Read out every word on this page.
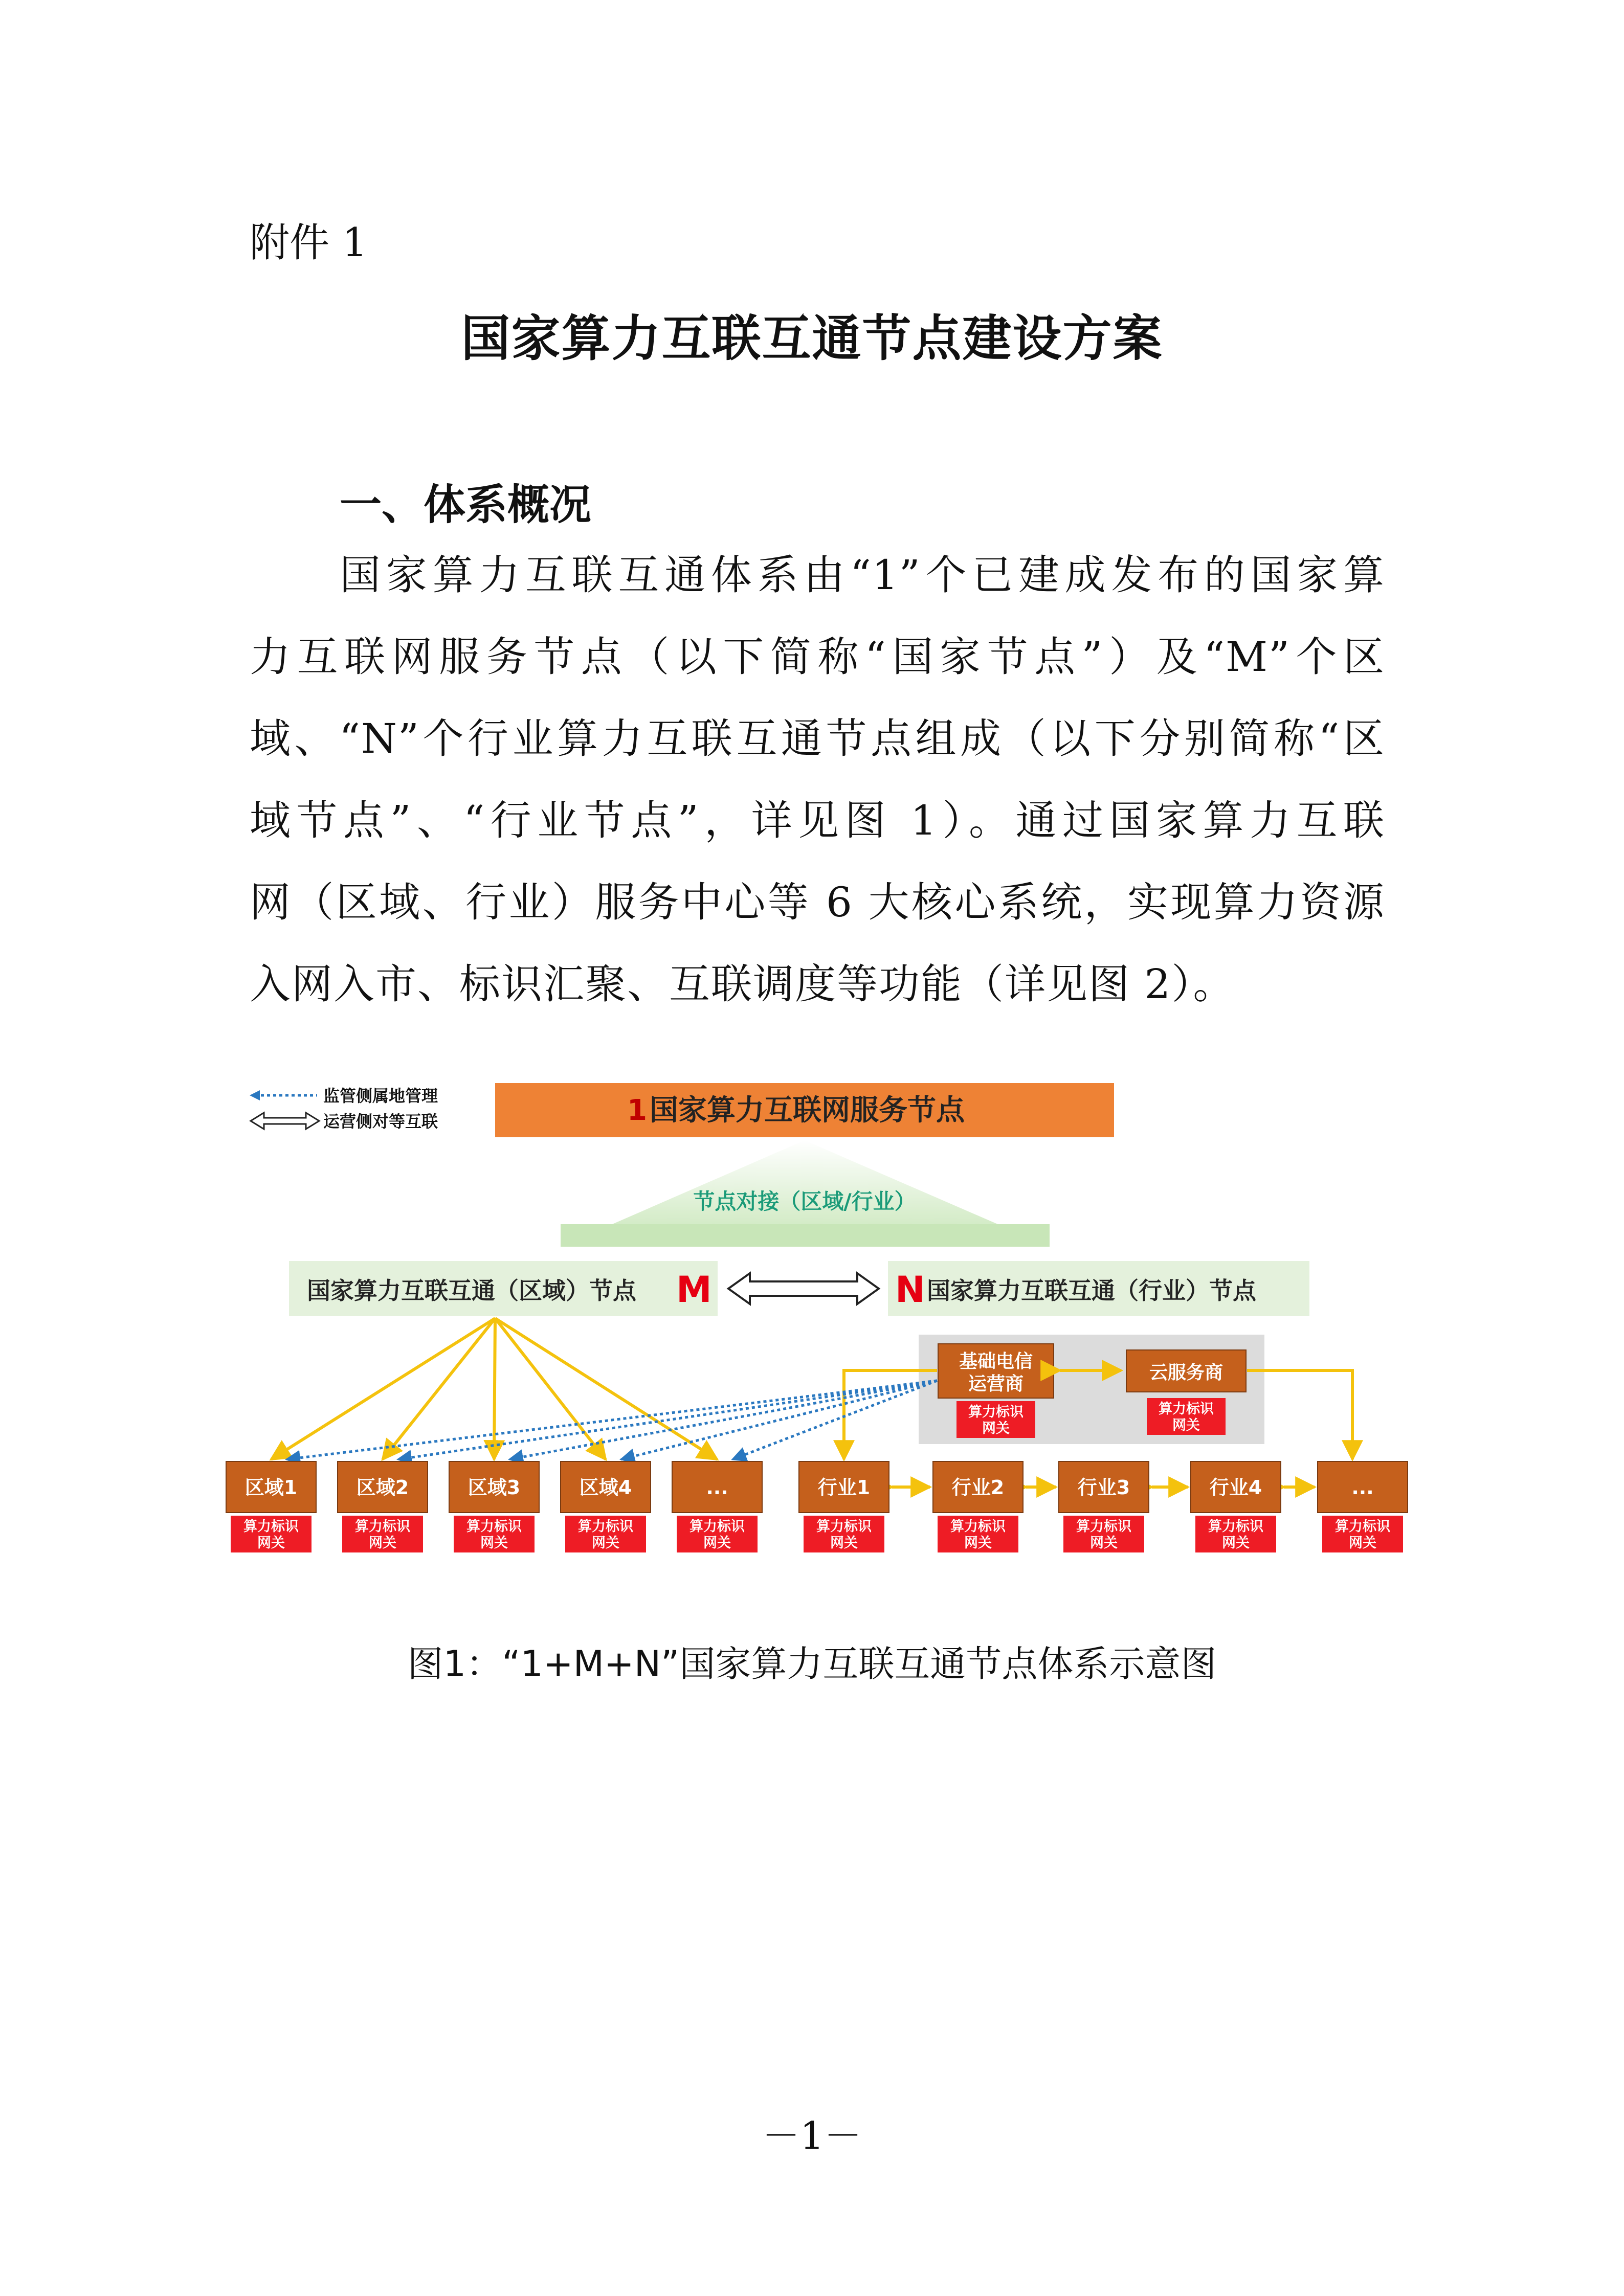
附件 1
国家算力互联互通节点建设方案
一、体系概况
国家算力互联互通体系由“1”个已建成发布的国家算
力互联网服务节点（以下简称“国家节点”）及“M”个区
域、“N”个行业算力互联互通节点组成（以下分别简称“区
域节点”、“行业节点”，详见图 1）。通过国家算力互联
网（区域、行业）服务中心等 6 大核心系统，实现算力资源
入网入市、标识汇聚、互联调度等功能（详见图 2）。
监管侧属地管理
运营侧对等互联	1 国家算力互联网服务节点
节点对接（区域/行业）
国家算力互联互通（区域）节点 M	N 国家算力互联互通（行业）节点
基础电信
运营商
算力标识
网关
云服务商
算力标识
网关
区域1
算力标识
网关
区域2
算力标识
网关
区域3
算力标识
网关
区域4
算力标识
网关
...
算力标识
网关
行业1
算力标识
网关
行业2
算力标识
网关
行业3
算力标识
网关
行业4
算力标识
网关
...
算力标识
网关
图1：“1+M+N”国家算力互联互通节点体系示意图
－1－
